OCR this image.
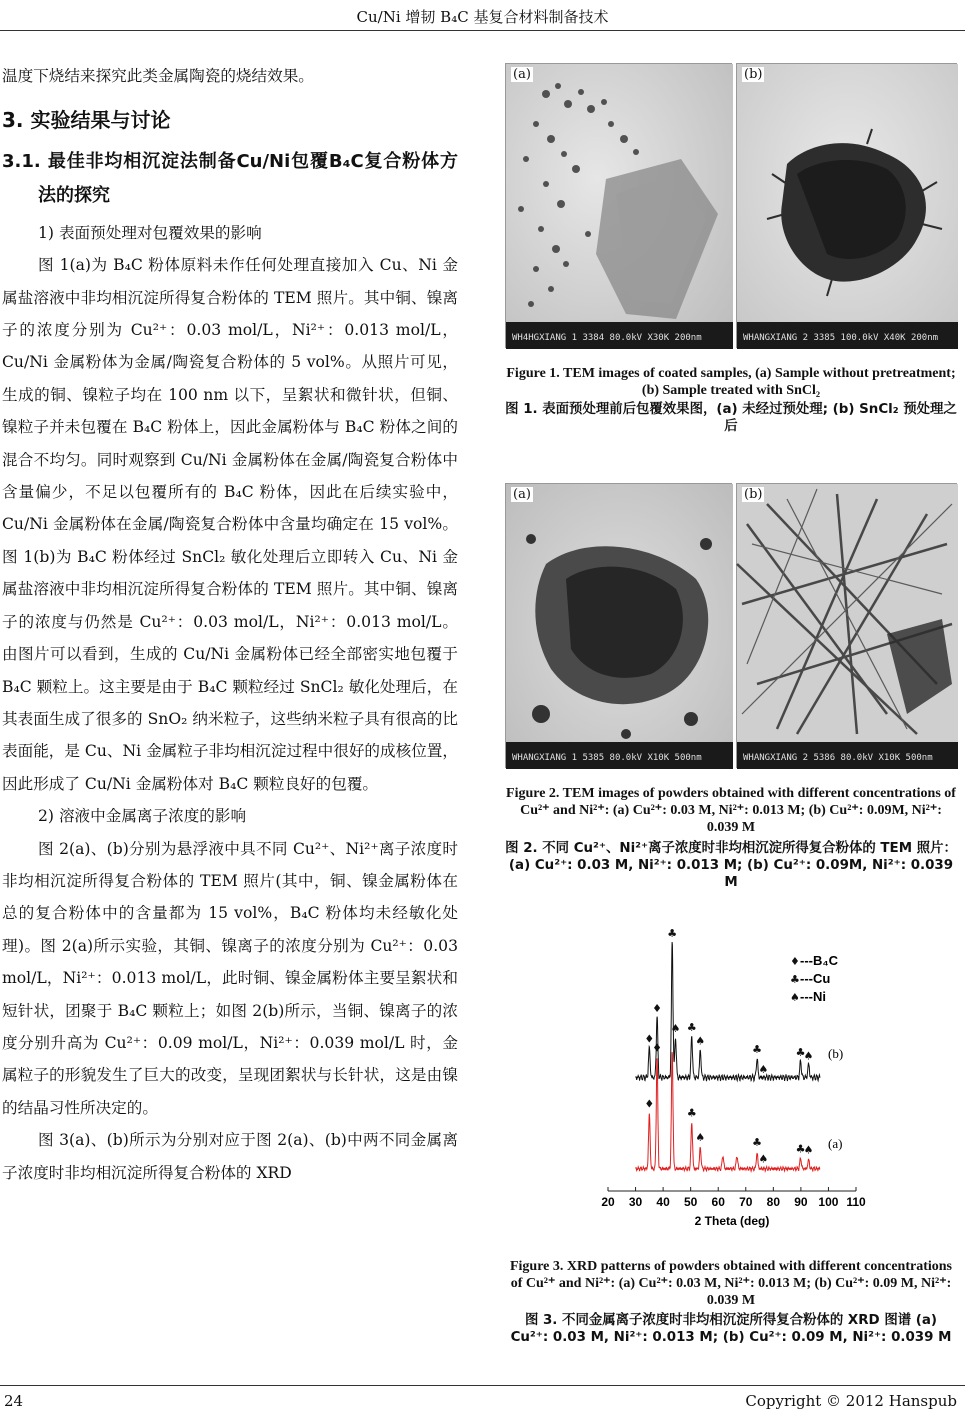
Cu/Ni 增韧 B₄C 基复合材料制备技术
24	Copyright © 2012 Hanspub

温度下烧结来探究此类金属陶瓷的烧结效果。

3. 实验结果与讨论
3.1. 最佳非均相沉淀法制备Cu/Ni包覆B₄C复合粉体方法的探究

1) 表面预处理对包覆效果的影响

图 1(a)为 B₄C 粉体原料未作任何处理直接加入 Cu、Ni 金属盐溶液中非均相沉淀所得复合粉体的 TEM 照片。其中铜、镍离子的浓度分别为 Cu²⁺：0.03 mol/L，Ni²⁺：0.013 mol/L，Cu/Ni 金属粉体为金属/陶瓷复合粉体的 5 vol%。从照片可见，生成的铜、镍粒子均在 100 nm 以下，呈絮状和微针状，但铜、镍粒子并未包覆在 B₄C 粉体上，因此金属粉体与 B₄C 粉体之间的混合不均匀。同时观察到 Cu/Ni 金属粉体在金属/陶瓷复合粉体中含量偏少，不足以包覆所有的 B₄C 粉体，因此在后续实验中，Cu/Ni 金属粉体在金属/陶瓷复合粉体中含量均确定在 15 vol%。图 1(b)为 B₄C 粉体经过 SnCl₂ 敏化处理后立即转入 Cu、Ni 金属盐溶液中非均相沉淀所得复合粉体的 TEM 照片。其中铜、镍离子的浓度与仍然是 Cu²⁺：0.03 mol/L，Ni²⁺：0.013 mol/L。由图片可以看到，生成的 Cu/Ni 金属粉体已经全部密实地包覆于 B₄C 颗粒上。这主要是由于 B₄C 颗粒经过 SnCl₂ 敏化处理后，在其表面生成了很多的 SnO₂ 纳米粒子，这些纳米粒子具有很高的比表面能，是 Cu、Ni 金属粒子非均相沉淀过程中很好的成核位置，因此形成了 Cu/Ni 金属粉体对 B₄C 颗粒良好的包覆。

2) 溶液中金属离子浓度的影响

图 2(a)、(b)分别为悬浮液中具不同 Cu²⁺、Ni²⁺离子浓度时非均相沉淀所得复合粉体的 TEM 照片(其中，铜、镍金属粉体在总的复合粉体中的含量都为 15 vol%，B₄C 粉体均未经敏化处理)。图 2(a)所示实验，其铜、镍离子的浓度分别为 Cu²⁺：0.03 mol/L，Ni²⁺：0.013 mol/L，此时铜、镍金属粉体主要呈絮状和短针状，团聚于 B₄C 颗粒上；如图 2(b)所示，当铜、镍离子的浓度分别升高为 Cu²⁺：0.09 mol/L，Ni²⁺：0.039 mol/L 时，金属粒子的形貌发生了巨大的改变，呈现团絮状与长针状，这是由镍的结晶习性所决定的。

图 3(a)、(b)所示为分别对应于图 2(a)、(b)中两不同金属离子浓度时非均相沉淀所得复合粉体的 XRD

WH4HGXIANG 1 3384 80.0kV X30K 200nm
(a)
WHANGXIANG 2 3385 100.0kV X40K 200nm
(b)
Figure 1. TEM images of coated samples, (a) Sample without pretreatment; (b) Sample treated with SnCl₂
图 1. 表面预处理前后包覆效果图，(a) 未经过预处理; (b) SnCl₂ 预处理之后
WHANGXIANG 1 5385 80.0kV X10K 500nm
(a)
WHANGXIANG 2 5386 80.0kV X10K 500nm
(b)
Figure 2. TEM images of powders obtained with different concentrations of Cu²⁺ and Ni²⁺: (a) Cu²⁺: 0.03 M, Ni²⁺: 0.013 M; (b) Cu²⁺: 0.09M, Ni²⁺: 0.039 M
图 2. 不同 Cu²⁺、Ni²⁺离子浓度时非均相沉淀所得复合粉体的 TEM 照片：(a) Cu²⁺: 0.03 M, Ni²⁺: 0.013 M; (b) Cu²⁺: 0.09M, Ni²⁺: 0.039 M
20 30 40 50 60 70 80 90 100 110
2 Theta (deg)
♦
♦
♣
♠ ♣
♠
♣
♠
♣
♠ (b)
♦
♦
♣
♠	♣
♠
♣
♠ (a)
♦ ---B₄C
♣ ---Cu
♠ ---Ni
Figure 3. XRD patterns of powders obtained with different concentrations of Cu²⁺ and Ni²⁺: (a) Cu²⁺: 0.03 M, Ni²⁺: 0.013 M; (b) Cu²⁺: 0.09 M, Ni²⁺: 0.039 M
图 3. 不同金属离子浓度时非均相沉淀所得复合粉体的 XRD 图谱 (a) Cu²⁺: 0.03 M, Ni²⁺: 0.013 M; (b) Cu²⁺: 0.09 M, Ni²⁺: 0.039 M
